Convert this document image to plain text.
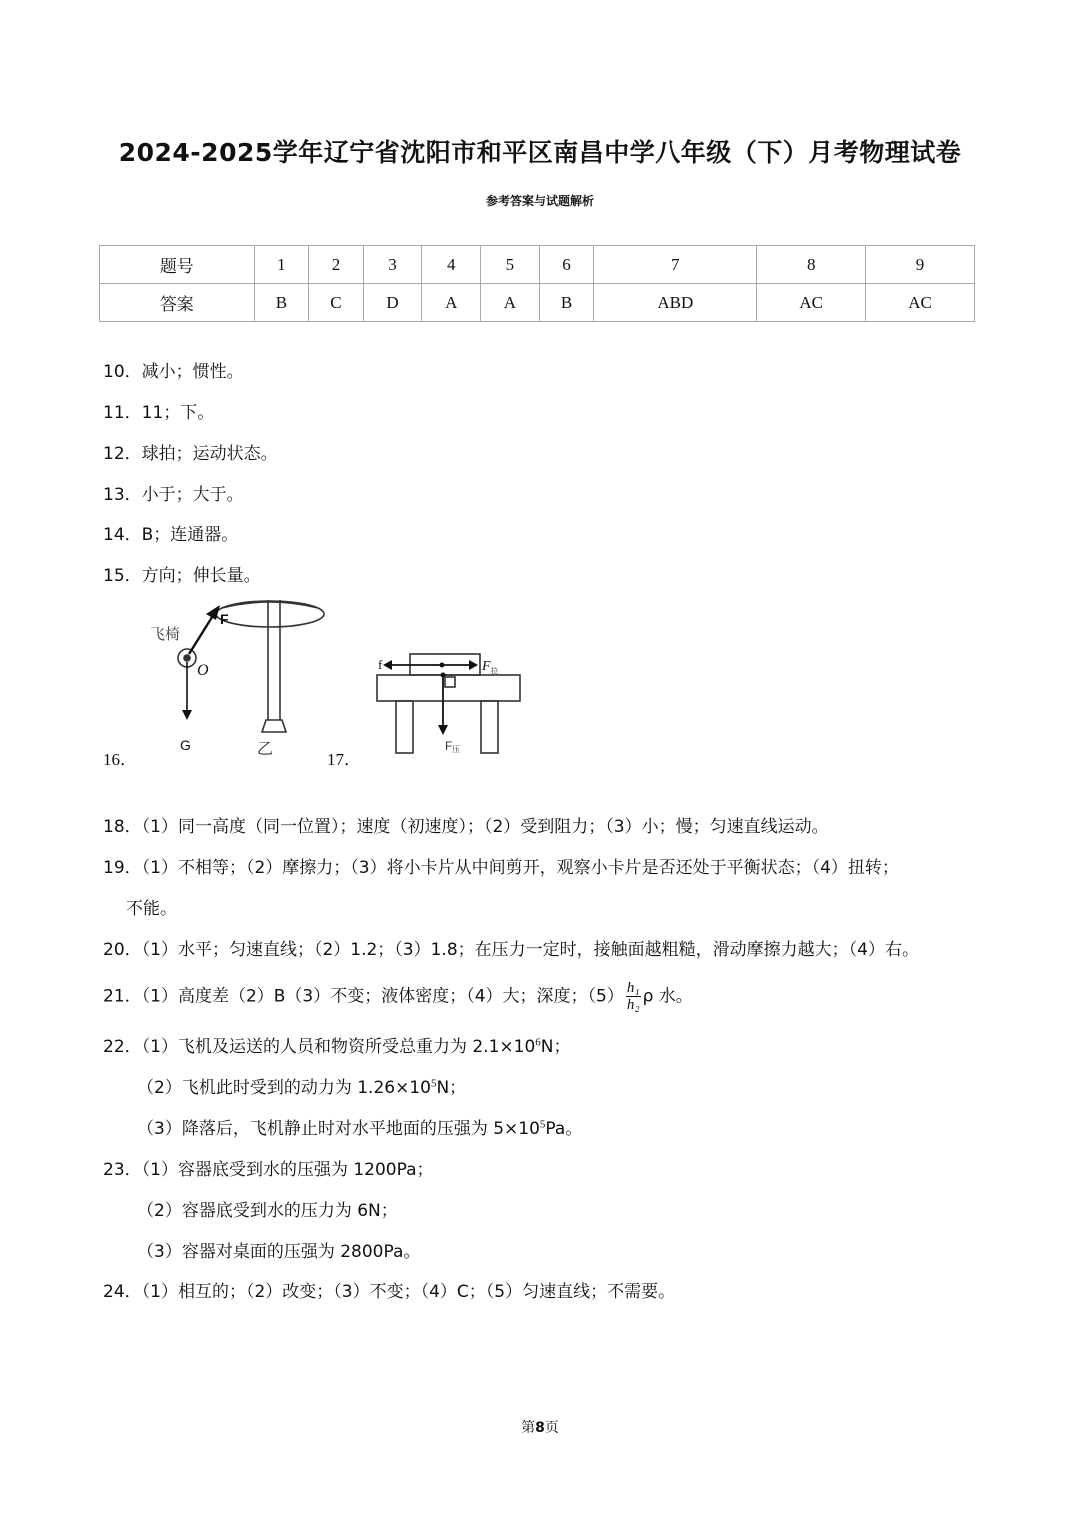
2024-2025学年辽宁省沈阳市和平区南昌中学八年级（下）月考物理试卷
参考答案与试题解析
题号	1	2	3	4	5	6	7	8	9
答案	B	C	D	A	A	B	ABD	AC	AC
10．减小；惯性。
11．11；下。
12．球拍；运动状态。
13．小于；大于。
14．B；连通器。
15．方向；伸长量。
16．
飞椅
F
O
G	乙
17．
f	F 拉
F 压
18．（1）同一高度（同一位置）；速度（初速度）；（2）受到阻力；（3）小；慢；匀速直线运动。
19．（1）不相等；（2）摩擦力；（3）将小卡片从中间剪开，观察小卡片是否还处于平衡状态；（4）扭转；
不能。
20．（1）水平；匀速直线；（2）1.2；（3）1.8；在压力一定时，接触面越粗糙，滑动摩擦力越大；（4）右。
21．（1）高度差（2）B（3）不变；液体密度；（4）大；深度；$(5) \frac{\text{h₁}}{\text{h₂}}$ ρ 水。
22．（1）飞机及运送的人员和物资所受总重力为 $2.1\times 10^6N$；
（2）飞机此时受到的动力为 $1.26\times 10^5N$；
（3）降落后，飞机静止时对水平地面的压强为 $5\times 10^5Pa$。
23．（1）容器底受到水的压强为 1200Pa；
（2）容器底受到水的压力为 6N；
（3）容器对桌面的压强为 2800Pa。
24．（1）相互的；（2）改变；（3）不变；（4）C；（5）匀速直线；不需要。
第8页
